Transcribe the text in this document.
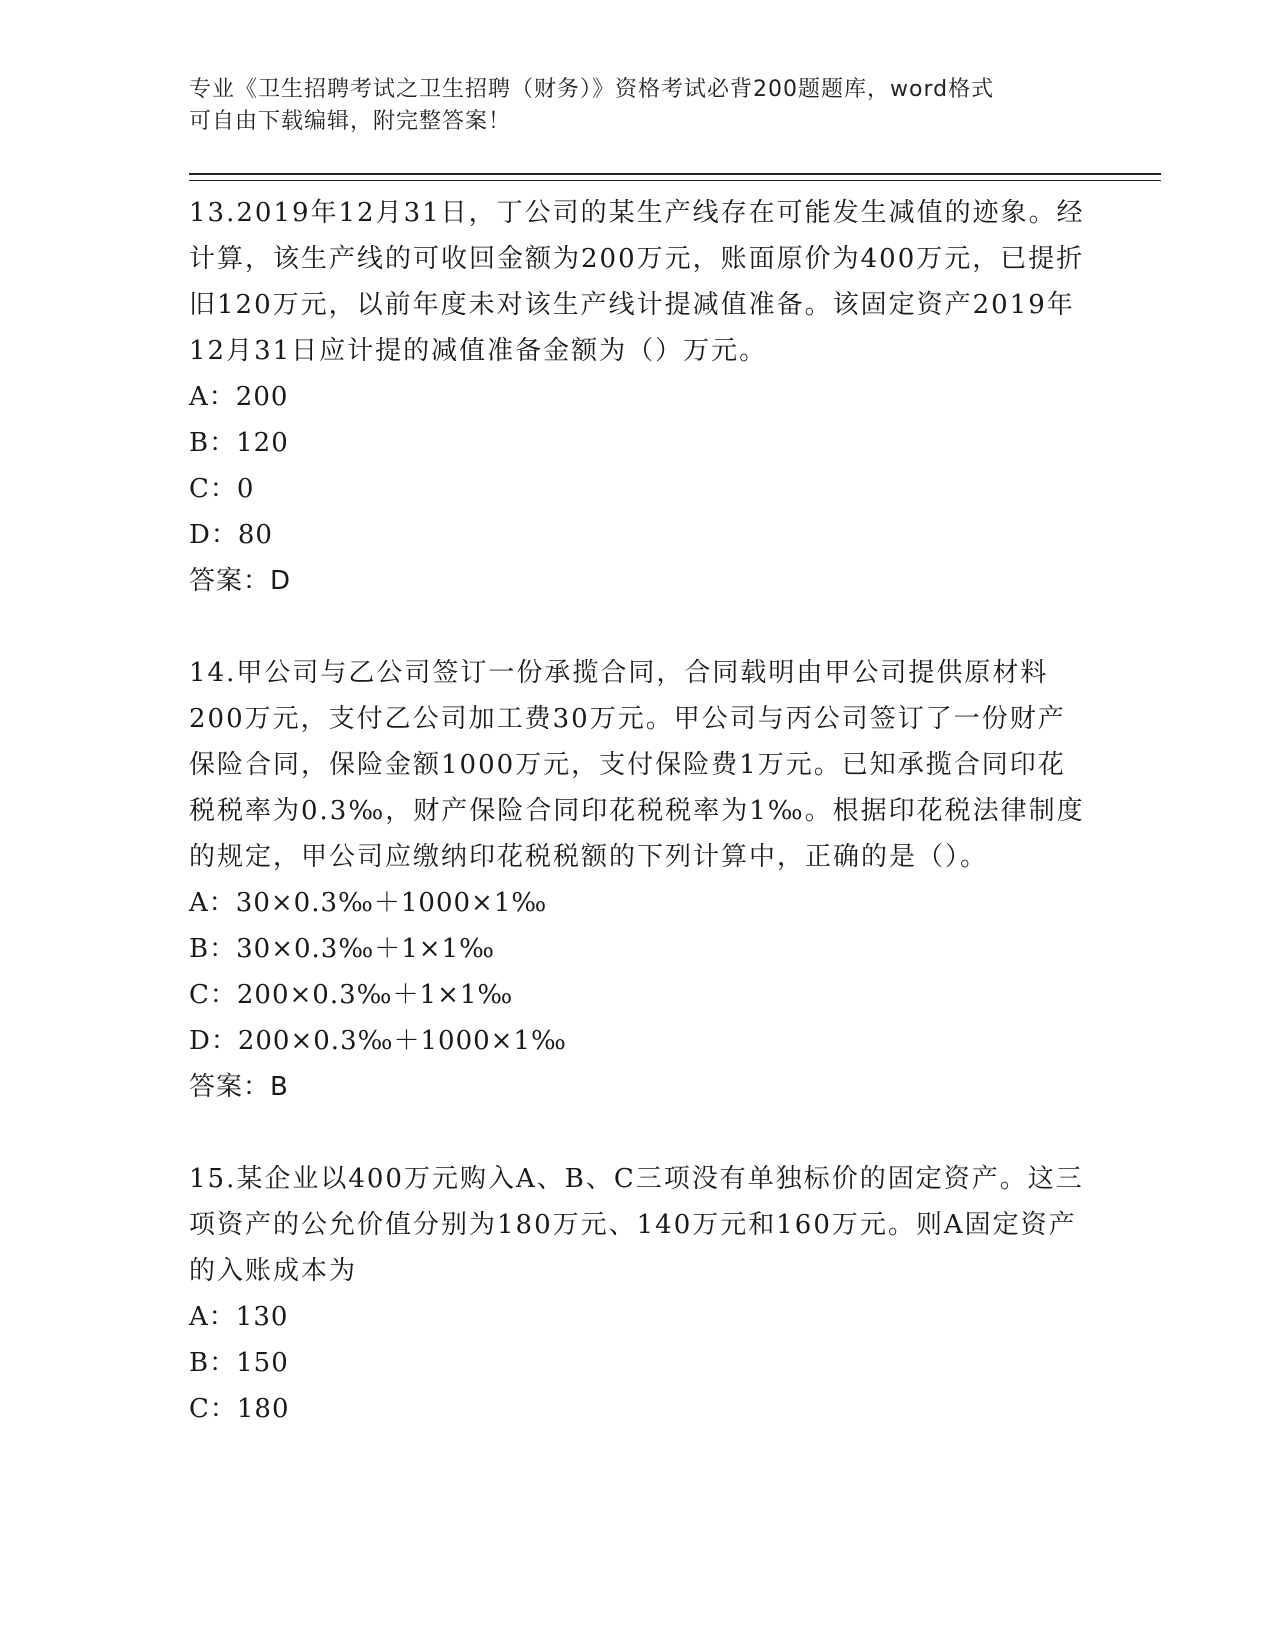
专业《卫生招聘考试之卫生招聘（财务）》资格考试必背200题题库，word格式
可自由下载编辑，附完整答案！

13.2019年12月31日，丁公司的某生产线存在可能发生减值的迹象。经计算，该生产线的可收回金额为200万元，账面原价为400万元，已提折旧120万元，以前年度未对该生产线计提减值准备。该固定资产2019年12月31日应计提的减值准备金额为（）万元。

A：200

B：120

C：0

D：80

答案：D

14.甲公司与乙公司签订一份承揽合同，合同载明由甲公司提供原材料200万元，支付乙公司加工费30万元。甲公司与丙公司签订了一份财产保险合同，保险金额1000万元，支付保险费1万元。已知承揽合同印花税税率为0.3‰，财产保险合同印花税税率为1‰。根据印花税法律制度的规定，甲公司应缴纳印花税税额的下列计算中，正确的是（）。

A：30×0.3‰＋1000×1‰

B：30×0.3‰＋1×1‰

C：200×0.3‰＋1×1‰

D：200×0.3‰＋1000×1‰

答案：B

15.某企业以400万元购入A、B、C三项没有单独标价的固定资产。这三项资产的公允价值分别为180万元、140万元和160万元。则A固定资产的入账成本为

A：130

B：150

C：180
